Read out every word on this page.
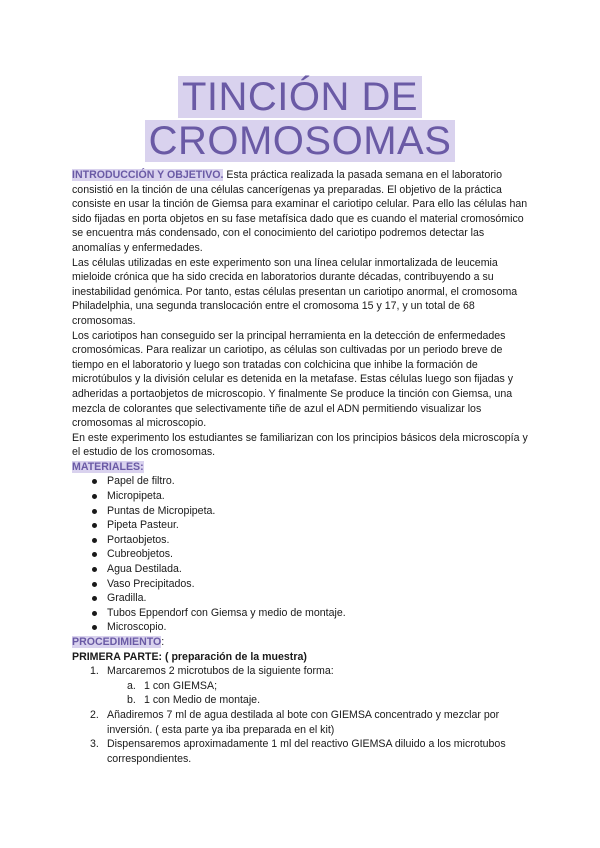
TINCIÓN DE
CROMOSOMAS

INTRODUCCIÓN Y OBJETIVO. Esta práctica realizada la pasada semana en el laboratorio consistió en la tinción de una células cancerígenas ya preparadas. El objetivo de la práctica consiste en usar la tinción de Giemsa para examinar el cariotipo celular. Para ello las células han sido fijadas en porta objetos en su fase metafísica dado que es cuando el material cromosómico se encuentra más condensado, con el conocimiento del cariotipo podremos detectar las anomalías y enfermedades.

Las células utilizadas en este experimento son una línea celular inmortalizada de leucemia mieloide crónica que ha sido crecida en laboratorios durante décadas, contribuyendo a su inestabilidad genómica. Por tanto, estas células presentan un cariotipo anormal, el cromosoma Philadelphia, una segunda translocación entre el cromosoma 15 y 17, y un total de 68 cromosomas.

Los cariotipos han conseguido ser la principal herramienta en la detección de enfermedades cromosómicas. Para realizar un cariotipo, as células son cultivadas por un periodo breve de tiempo en el laboratorio y luego son tratadas con colchicina que inhibe la formación de microtúbulos y la división celular es detenida en la metafase. Estas células luego son fijadas y adheridas a portaobjetos de microscopio. Y finalmente Se produce la tinción con Giemsa, una mezcla de colorantes que selectivamente tiñe de azul el ADN permitiendo visualizar los cromosomas al microscopio.

En este experimento los estudiantes se familiarizan con los principios básicos dela microscopía y el estudio de los cromosomas.

MATERIALES:

Papel de filtro.
Micropipeta.
Puntas de Micropipeta.
Pipeta Pasteur.
Portaobjetos.
Cubreobjetos.
Agua Destilada.
Vaso Precipitados.
Gradilla.
Tubos Eppendorf con Giemsa y medio de montaje.
Microscopio.

PROCEDIMIENTO:

PRIMERA PARTE: ( preparación de la muestra)

1. Marcaremos 2 microtubos de la siguiente forma:
a. 1 con GIEMSA;
b. 1 con Medio de montaje.
2. Añadiremos 7 ml de agua destilada al bote con GIEMSA concentrado y mezclar por inversión. ( esta parte ya iba preparada en el kit)
3. Dispensaremos aproximadamente 1 ml del reactivo GIEMSA diluido a los microtubos correspondientes.
